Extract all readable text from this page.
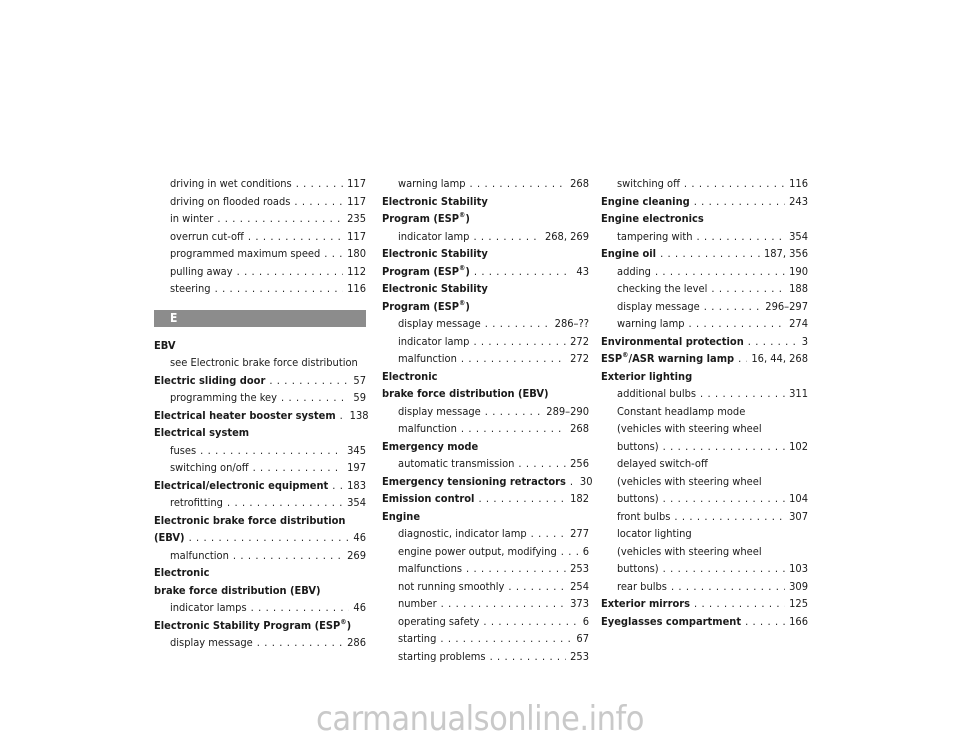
driving in wet conditions . . .	117
driving on flooded roads . . .	117
in winter . . .	235
overrun cut-off . . .	117
programmed maximum speed . . . 180
pulling away . . .	112
steering . . .	116
E
EBV
see Electronic brake force distribution
Electric sliding door . . .	57
programming the key . . .	59
Electrical heater booster system . . . 138
Electrical system
fuses . . .	345
switching on/off . . .	197
Electrical/electronic equipment . . . 183
retrofitting . . .	354
Electronic brake force distribution
(EBV) . . .	46
malfunction . . .	269
Electronic
brake force distribution (EBV)
indicator lamps . . .	46
Electronic Stability Program (ESP®)
display message . . .	286
warning lamp . . .	268
Electronic Stability
Program (ESP®)
indicator lamp . . .	268, 269
Electronic Stability
Program (ESP®) . . .	43
Electronic Stability
Program (ESP®)
display message . . .	286–??
indicator lamp . . .	272
malfunction . . .	272
Electronic
brake force distribution (EBV)
display message . . .	289–290
malfunction . . .	268
Emergency mode
automatic transmission . . .	256
Emergency tensioning retractors . . . 30
Emission control . . .	182
Engine
diagnostic, indicator lamp . . .	277
engine power output, modifying . . . 6
malfunctions . . .	253
not running smoothly . . .	254
number . . .	373
operating safety . . .	6
starting . . .	67
starting problems . . .	253
switching off . . .	116
Engine cleaning . . .	243
Engine electronics
tampering with . . .	354
Engine oil . . .	187, 356
adding . . .	190
checking the level . . .	188
display message . . .	296–297
warning lamp . . .	274
Environmental protection . . .	3
ESP®/ASR warning lamp . . . 16, 44, 268
Exterior lighting
additional bulbs . . .	311
Constant headlamp mode
(vehicles with steering wheel
buttons) . . .	102
delayed switch-off
(vehicles with steering wheel
buttons) . . .	104
front bulbs . . .	307
locator lighting
(vehicles with steering wheel
buttons) . . .	103
rear bulbs . . .	309
Exterior mirrors . . .	125
Eyeglasses compartment . . .	166
carmanualsonline.info
